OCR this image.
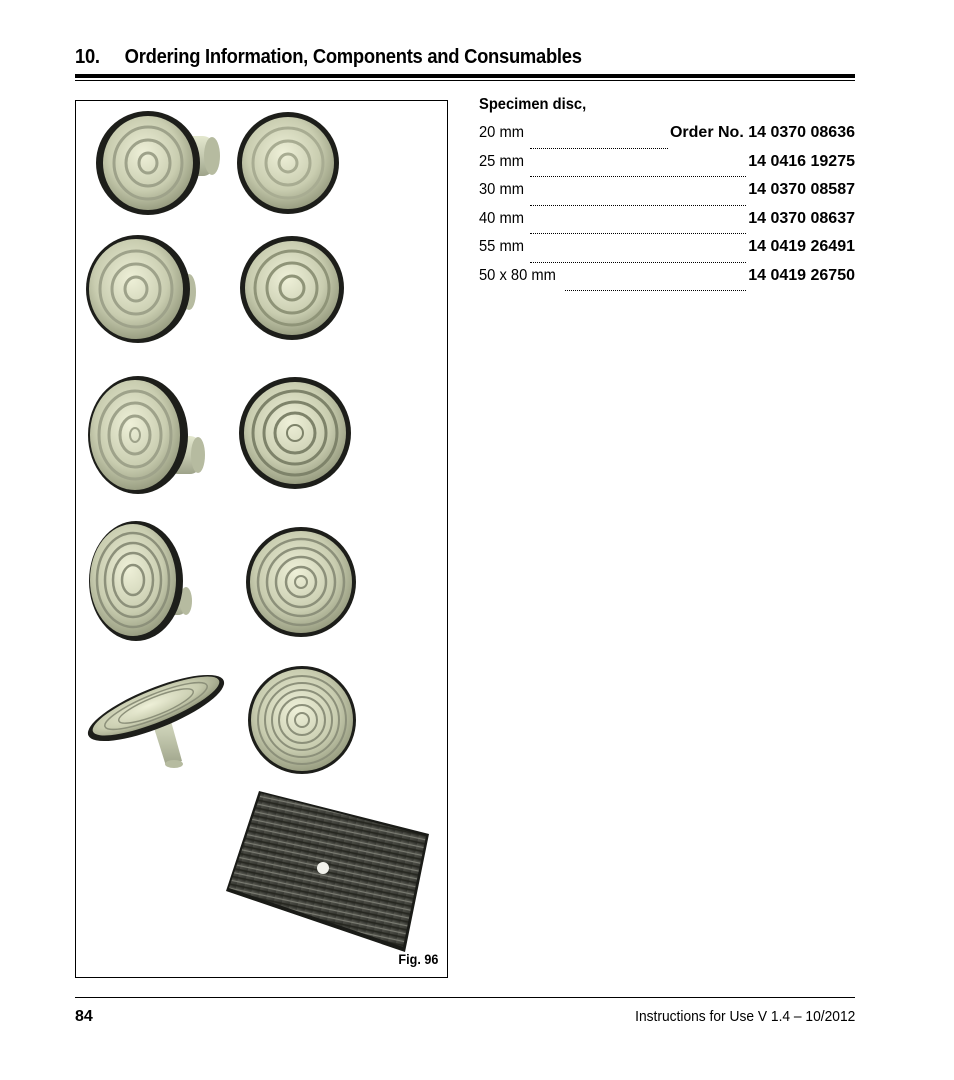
10. Ordering Information, Components and Consumables
Fig. 96
Specimen disc,
20 mm	Order No. 14 0370 08636
25 mm	14 0416 19275
30 mm	14 0370 08587
40 mm	14 0370 08637
55 mm	14 0419 26491
50 x 80 mm	14 0419 26750
84	Instructions for Use V 1.4 – 10/2012
